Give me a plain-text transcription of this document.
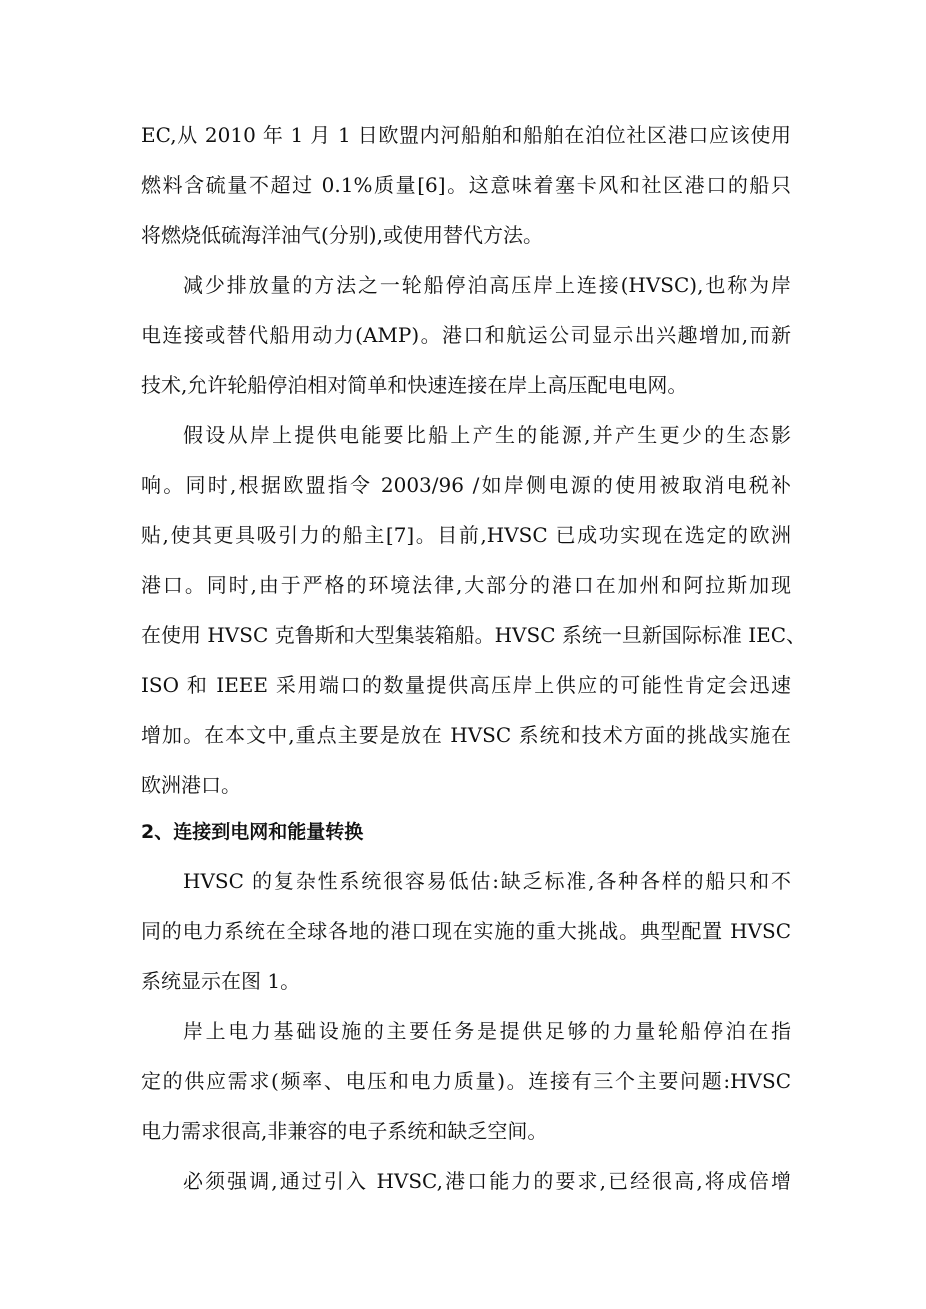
EC,从 2010 年 1 月 1 日欧盟内河船舶和船舶在泊位社区港口应该使用
燃料含硫量不超过 0.1%质量[6]。这意味着塞卡风和社区港口的船只
将燃烧低硫海洋油气(分别),或使用替代方法。
减少排放量的方法之一轮船停泊高压岸上连接(HVSC),也称为岸
电连接或替代船用动力(AMP)。港口和航运公司显示出兴趣增加,而新
技术,允许轮船停泊相对简单和快速连接在岸上高压配电电网。
假设从岸上提供电能要比船上产生的能源,并产生更少的生态影
响。同时,根据欧盟指令 2003/96 /如岸侧电源的使用被取消电税补
贴,使其更具吸引力的船主[7]。目前,HVSC 已成功实现在选定的欧洲
港口。同时,由于严格的环境法律,大部分的港口在加州和阿拉斯加现
在使用 HVSC 克鲁斯和大型集装箱船。HVSC 系统一旦新国际标准 IEC、
ISO 和 IEEE 采用端口的数量提供高压岸上供应的可能性肯定会迅速
增加。在本文中,重点主要是放在 HVSC 系统和技术方面的挑战实施在
欧洲港口。
2、连接到电网和能量转换
HVSC 的复杂性系统很容易低估:缺乏标准,各种各样的船只和不
同的电力系统在全球各地的港口现在实施的重大挑战。典型配置 HVSC
系统显示在图 1。
岸上电力基础设施的主要任务是提供足够的力量轮船停泊在指
定的供应需求(频率、电压和电力质量)。连接有三个主要问题:HVSC
电力需求很高,非兼容的电子系统和缺乏空间。
必须强调,通过引入 HVSC,港口能力的要求,已经很高,将成倍增
